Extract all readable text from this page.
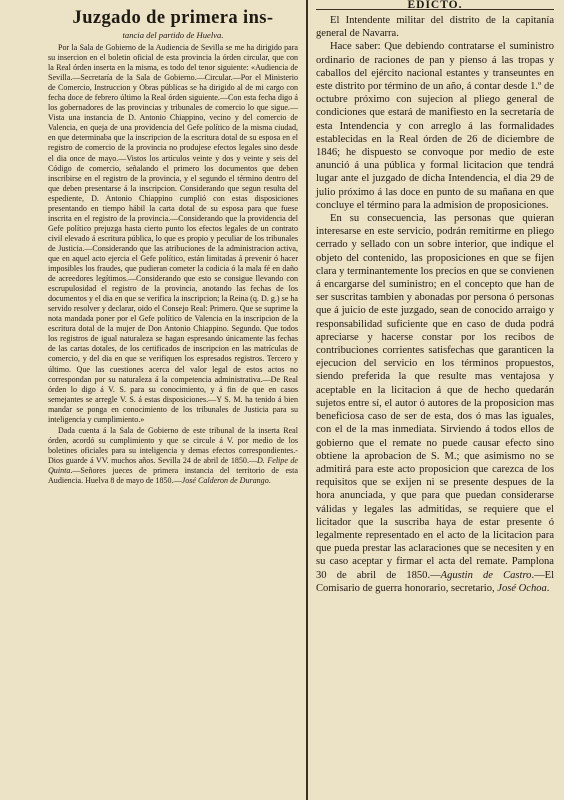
Juzgado de primera ins-
tancia del partido de Huelva.

Por la Sala de Gobierno de la Audiencia de Sevilla se me ha dirigido para su insercion en el boletin oficial de esta provincia la órden circular, que con la Real órden inserta en la misma, es todo del tenor siguiente: «Audiencia de Sevilla.—Secretaría de la Sala de Gobierno.—Circular.—Por el Ministerio de Comercio, Instruccion y Obras públicas se ha dirigido al de mi cargo con fecha doce de febrero último la Real órden siguiente.—Con esta fecha digo á los gobernadores de las provincias y tribunales de comercio lo que sigue.—Vista una instancia de D. Antonio Chiappino, vecino y del comercio de Valencia, en queja de una providencia del Gefe político de la misma ciudad, en que determinaba que la inscripcion de la escritura dotal de su esposa en el registro de comercio de la provincia no produjese efectos legales sino desde el dia once de mayo.—Vistos los artículos veinte y dos y veinte y seis del Código de comercio, señalando el primero los documentos que deben inscribirse en el registro de la provincia, y el segundo el término dentro del que deben presentarse á la inscripcion. Considerando que segun resulta del espediente, D. Antonio Chiappino cumplió con estas disposiciones presentando en tiempo hábil la carta dotal de su esposa para que fuese inscrita en el registro de la provincia.—Considerando que la providencia del Gefe político prejuzga hasta cierto punto los efectos legales de un contrato civil elevado á escritura pública, lo que es propio y peculiar de los tribunales de Justicia.—Considerando que las atribuciones de la administracion activa, que en aquel acto ejercia el Gefe político, están limitadas á prevenir ó hacer imposibles los fraudes, que pudieran cometer la codicia ó la mala fé en daño de acreedores legítimos.—Considerando que esto se consigue llevando con escrupulosidad el registro de la provincia, anotando las fechas de los documentos y el dia en que se verifica la inscripcion; la Reina (q. D. g.) se ha servido resolver y declarar, oido el Consejo Real: Primero. Que se suprime la nota mandada poner por el Gefe político de Valencia en la inscripcion de la escritura dotal de la mujer de Don Antonio Chiappino. Segundo. Que todos los registros de igual naturaleza se hagan espresando únicamente las fechas de las cartas dotales, de los certificados de inscripcion en las matrículas de comercio, y del dia en que se verifiquen los espresados registros. Tercero y último. Que las cuestiones acerca del valor legal de estos actos no correspondan por su naturaleza á la competencia administrativa.—De Real órden lo digo á V. S. para su conocimiento, y á fin de que en casos semejantes se arregle V. S. á estas disposiciones.—Y S. M. ha tenido á bien mandar se ponga en conocimiento de los tribunales de Justicia para su inteligencia y cumplimiento.»

Dada cuenta á la Sala de Gobierno de este tribunal de la inserta Real órden, acordó su cumplimiento y que se circule á V. por medio de los boletines oficiales para su inteligencia y demas efectos correspondientes.-Dios guarde á VV. muchos años. Sevilla 24 de abril de 1850.—D. Felipe de Quinta.—Señores jueces de primera instancia del territorio de esta Audiencia. Huelva 8 de mayo de 1850.—José Calderon de Durango.

EDICTO.

El Intendente militar del distrito de la capitanía general de Navarra.

Hace saber: Que debiendo contratarse el suministro ordinario de raciones de pan y pienso á las tropas y caballos del ejército nacional estantes y transeuntes en este distrito por término de un año, á contar desde 1.º de octubre próximo con sujecion al pliego general de condiciones que estará de manifiesto en la secretaría de esta Intendencia y con arreglo á las formalidades establecidas en la Real órden de 26 de diciembre de 1846; he dispuesto se convoque por medio de este anunció á una pública y formal licitacion que tendrá lugar ante el juzgado de dicha Intendencia, el dia 29 de julio próximo á las doce en punto de su mañana en que concluye el término para la admision de proposiciones.

En su consecuencia, las personas que quieran interesarse en este servicio, podrán remitirme en pliego cerrado y sellado con un sobre interior, que indique el objeto del contenido, las proposiciones en que se fijen clara y terminantemente los precios en que se convienen á encargarse del suministro; en el concepto que han de ser suscritas tambien y abonadas por persona ó personas que á juicio de este juzgado, sean de conocido arraigo y responsabilidad suficiente que en caso de duda podrá apreciarse y hacerse constar por los recibos de contribuciones corrientes satisfechas que garanticen la ejecucion del servicio en los términos propuestos, siendo preferida la que resulte mas ventajosa y aceptable en la licitacion á que de hecho quedarán sujetos entre sí, el autor ó autores de la proposicion mas beneficiosa caso de ser de esta, dos ó mas las iguales, con el de la mas inmediata. Sirviendo á todos ellos de gobierno que el remate no puede causar efecto sino obtiene la aprobacion de S. M.; que asimismo no se admitirá para este acto proposicion que carezca de los requisitos que se exijen ni se presente despues de la hora anunciada, y que para que puedan considerarse válidas y legales las admitidas, se requiere que el licitador que la suscriba haya de estar presente ó legalmente representado en el acto de la licitacion para que pueda prestar las aclaraciones que se necesiten y en su caso aceptar y firmar el acta del remate. Pamplona 30 de abril de 1850.—Agustin de Castro.—El Comisario de guerra honorario, secretario, José Ochoa.
